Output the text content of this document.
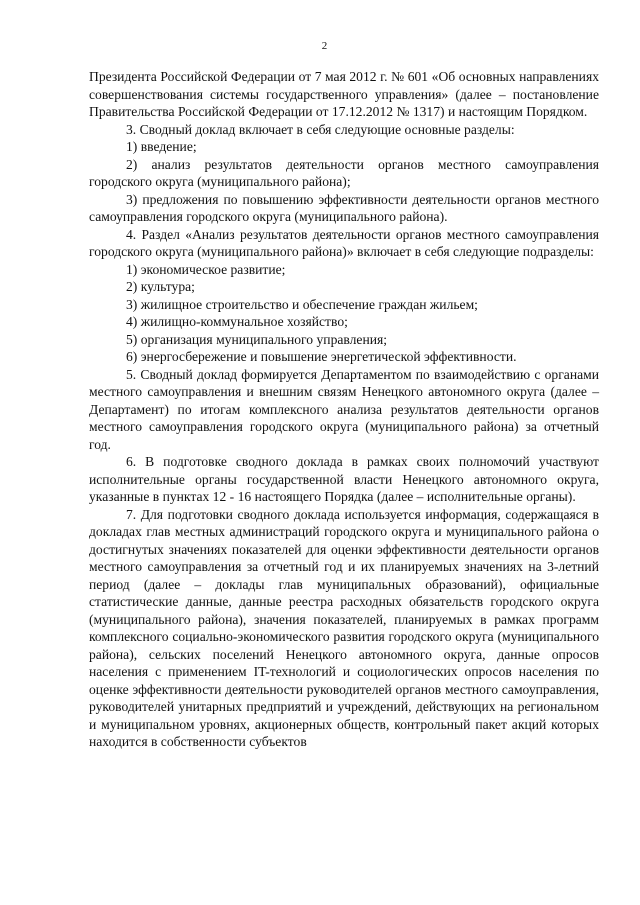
2

Президента Российской Федерации от 7 мая 2012 г. № 601 «Об основных направлениях совершенствования системы государственного управления» (далее – постановление Правительства Российской Федерации от 17.12.2012 № 1317) и настоящим Порядком.

3. Сводный доклад включает в себя следующие основные разделы:

1) введение;

2) анализ результатов деятельности органов местного самоуправления городского округа (муниципального района);

3) предложения по повышению эффективности деятельности органов местного самоуправления городского округа (муниципального района).

4. Раздел «Анализ результатов деятельности органов местного самоуправления городского округа (муниципального района)» включает в себя следующие подразделы:

1) экономическое развитие;

2) культура;

3) жилищное строительство и обеспечение граждан жильем;

4) жилищно-коммунальное хозяйство;

5) организация муниципального управления;

6) энергосбережение и повышение энергетической эффективности.

5. Сводный доклад формируется Департаментом по взаимодействию с органами местного самоуправления и внешним связям Ненецкого автономного округа (далее – Департамент) по итогам комплексного анализа результатов деятельности органов местного самоуправления городского округа (муниципального района) за отчетный год.

6. В подготовке сводного доклада в рамках своих полномочий участвуют исполнительные органы государственной власти Ненецкого автономного округа, указанные в пунктах 12 - 16 настоящего Порядка (далее – исполнительные органы).

7. Для подготовки сводного доклада используется информация, содержащаяся в докладах глав местных администраций городского округа и муниципального района о достигнутых значениях показателей для оценки эффективности деятельности органов местного самоуправления за отчетный год и их планируемых значениях на 3-летний период (далее – доклады глав муниципальных образований), официальные статистические данные, данные реестра расходных обязательств городского округа (муниципального района), значения показателей, планируемых в рамках программ комплексного социально-экономического развития городского округа (муниципального района), сельских поселений Ненецкого автономного округа, данные опросов населения с применением IT-технологий и социологических опросов населения по оценке эффективности деятельности руководителей органов местного самоуправления, руководителей унитарных предприятий и учреждений, действующих на региональном и муниципальном уровнях, акционерных обществ, контрольный пакет акций которых находится в собственности субъектов
